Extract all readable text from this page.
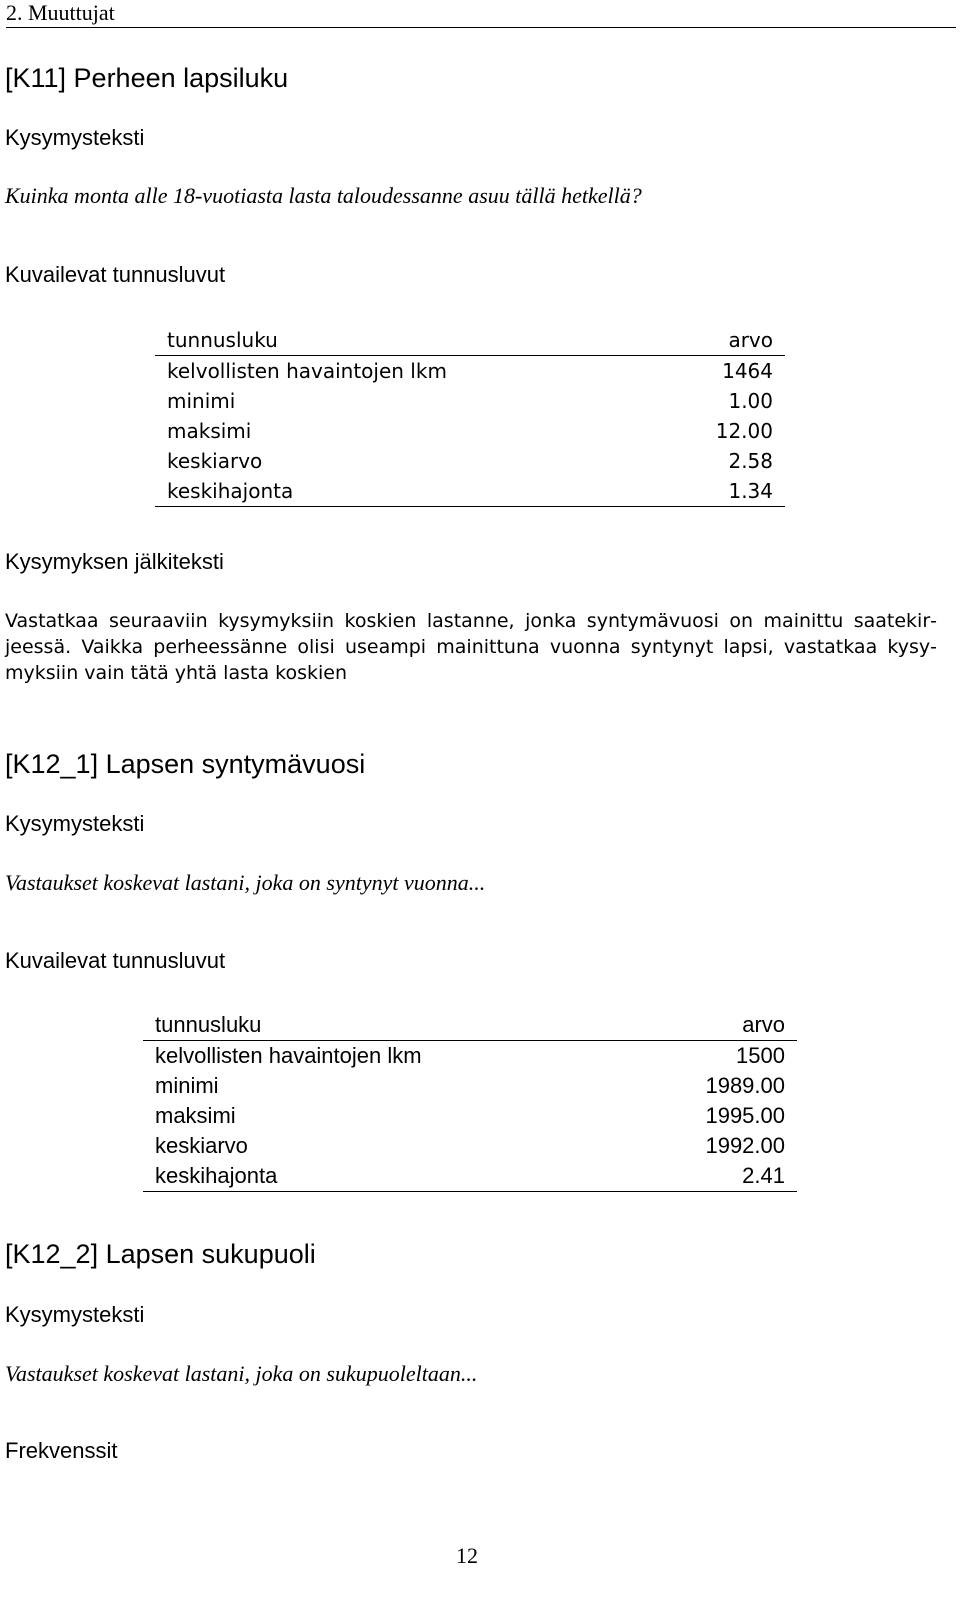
2. Muuttujat
[K11] Perheen lapsiluku
Kysymysteksti
Kuinka monta alle 18-vuotiasta lasta taloudessanne asuu tällä hetkellä?
Kuvailevat tunnusluvut
tunnusluku	arvo
kelvollisten havaintojen lkm	1464
minimi	1.00
maksimi	12.00
keskiarvo	2.58
keskihajonta	1.34
Kysymyksen jälkiteksti
Vastatkaa seuraaviin kysymyksiin koskien lastanne, jonka syntymävuosi on mainittu saatekirjeessä. Vaikka perheessänne olisi useampi mainittuna vuonna syntynyt lapsi, vastatkaa kysymyksiin vain tätä yhtä lasta koskien
[K12_1] Lapsen syntymävuosi
Kysymysteksti
Vastaukset koskevat lastani, joka on syntynyt vuonna...
Kuvailevat tunnusluvut
tunnusluku	arvo
kelvollisten havaintojen lkm	1500
minimi	1989.00
maksimi	1995.00
keskiarvo	1992.00
keskihajonta	2.41
[K12_2] Lapsen sukupuoli
Kysymysteksti
Vastaukset koskevat lastani, joka on sukupuoleltaan...
Frekvenssit
12
